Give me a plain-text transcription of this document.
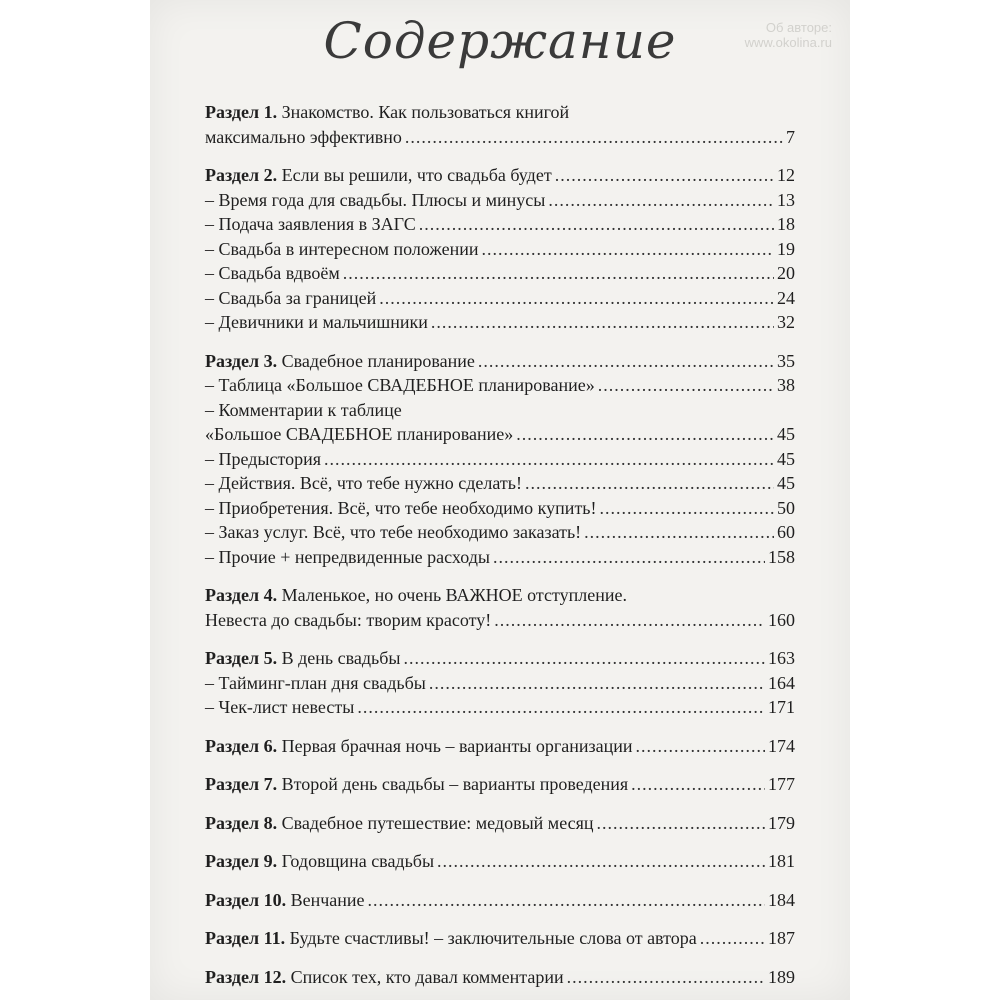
Об авторе:
www.okolina.ru
Содержание
Раздел 1. Знакомство. Как пользоваться книгой
максимально эффективно .....	7
Раздел 2. Если вы решили, что свадьба будет .....	12
– Время года для свадьбы. Плюсы и минусы .....	13
– Подача заявления в ЗАГС .....	18
– Свадьба в интересном положении .....	19
– Свадьба вдвоём .....	20
– Свадьба за границей .....	24
– Девичники и мальчишники .....	32
Раздел 3. Свадебное планирование .....	35
– Таблица «Большое СВАДЕБНОЕ планирование» .....	38
– Комментарии к таблице
«Большое СВАДЕБНОЕ планирование» .....	45
– Предыстория .....	45
– Действия. Всё, что тебе нужно сделать! .....	45
– Приобретения. Всё, что тебе необходимо купить! .....	50
– Заказ услуг. Всё, что тебе необходимо заказать! .....	60
– Прочие + непредвиденные расходы .....	158
Раздел 4. Маленькое, но очень ВАЖНОЕ отступление.
Невеста до свадьбы: творим красоту! .....	160
Раздел 5. В день свадьбы .....	163
– Тайминг-план дня свадьбы .....	164
– Чек-лист невесты .....	171
Раздел 6. Первая брачная ночь – варианты организации .....	174
Раздел 7. Второй день свадьбы – варианты проведения .....	177
Раздел 8. Свадебное путешествие: медовый месяц .....	179
Раздел 9. Годовщина свадьбы .....	181
Раздел 10. Венчание .....	184
Раздел 11. Будьте счастливы! – заключительные слова от автора .....	187
Раздел 12. Список тех, кто давал комментарии .....	189
